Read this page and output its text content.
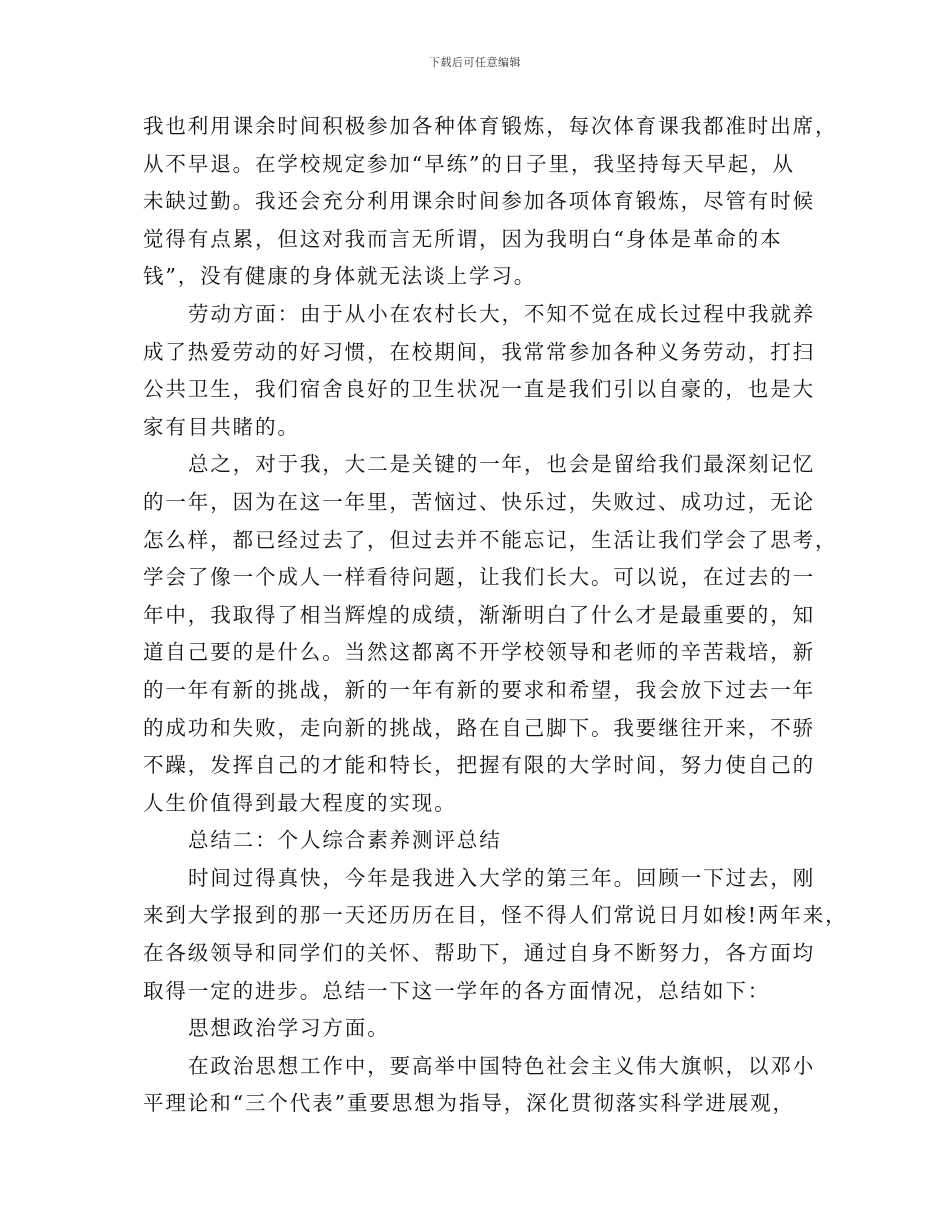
下载后可任意编辑
我也利用课余时间积极参加各种体育锻炼，每次体育课我都准时出席，
从不早退。在学校规定参加“早练”的日子里，我坚持每天早起，从
未缺过勤。我还会充分利用课余时间参加各项体育锻炼，尽管有时候
觉得有点累，但这对我而言无所谓，因为我明白“身体是革命的本
钱”，没有健康的身体就无法谈上学习。
劳动方面：由于从小在农村长大，不知不觉在成长过程中我就养
成了热爱劳动的好习惯，在校期间，我常常参加各种义务劳动，打扫
公共卫生，我们宿舍良好的卫生状况一直是我们引以自豪的，也是大
家有目共睹的。
总之，对于我，大二是关键的一年，也会是留给我们最深刻记忆
的一年，因为在这一年里，苦恼过、快乐过，失败过、成功过，无论
怎么样，都已经过去了，但过去并不能忘记，生活让我们学会了思考，
学会了像一个成人一样看待问题，让我们长大。可以说，在过去的一
年中，我取得了相当辉煌的成绩，渐渐明白了什么才是最重要的，知
道自己要的是什么。当然这都离不开学校领导和老师的辛苦栽培，新
的一年有新的挑战，新的一年有新的要求和希望，我会放下过去一年
的成功和失败，走向新的挑战，路在自己脚下。我要继往开来，不骄
不躁，发挥自己的才能和特长，把握有限的大学时间，努力使自己的
人生价值得到最大程度的实现。
总结二：个人综合素养测评总结
时间过得真快，今年是我进入大学的第三年。回顾一下过去，刚
来到大学报到的那一天还历历在目，怪不得人们常说日月如梭!两年来，
在各级领导和同学们的关怀、帮助下，通过自身不断努力，各方面均
取得一定的进步。总结一下这一学年的各方面情况，总结如下：
思想政治学习方面。
在政治思想工作中，要高举中国特色社会主义伟大旗帜，以邓小
平理论和“三个代表”重要思想为指导，深化贯彻落实科学进展观，
